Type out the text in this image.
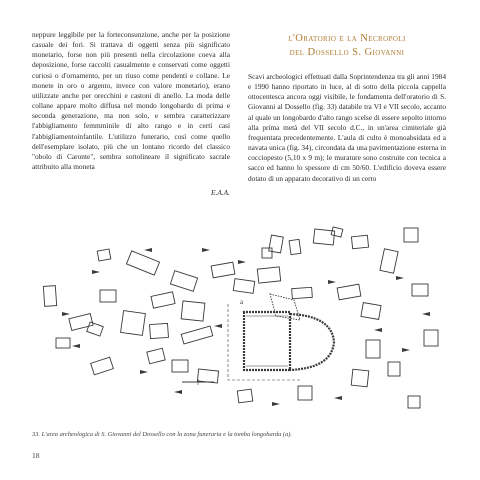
neppure leggibile per la forteconsunzione, anche per la posizione casuale dei fori. Si trattava di oggetti senza più significato monetario, forse non più presenti nella circolazione coeva alla deposizione, forse raccolti casualmente e conservati come oggetti curiosi o d'ornamento, per un riuso come pendenti e collane. Le monete in oro o argento, invece con valore monetario), erano utilizzate anche per orecchini e castoni di anello. La moda delle collane appare molto diffusa nel mondo longobardo di prima e seconda generazione, ma non solo, e sembra caratterizzare l'abbigliamento femmminile di alto rango e in certi casi l'abbigliamentoinfantile. L'utilizzo funerario, così come quello dell'esemplare isolato, più che un lontano ricordo del classico "obolo di Caronte", sembra sottolineare il significato sacrale attribuito alla moneta

E.A.A.
l'Oratorio e la Necropoli
del Dossello S. Giovanni

Scavi archeologici effettuati dalla Soprintendenza tra gli anni 1984 e 1990 hanno riportato in luce, al di sotto della piccola cappella ottocentesca ancora oggi visibile, le fondamenta dell'oratorio di S. Giovanni al Dossello (fig. 33) databile tra VI e VII secolo, accanto al quale un longobardo d'alto rango scelse di essere sepolto intorno alla prima metà del VII secolo d.C., in un'area cimiteriale già frequentata precedentemente. L'aula di culto è monoabsidata ed a navata unica (fig. 34), circondata da una pavimentazione esterna in cocciopesto (5,10 x 9 m); le murature sono costruite con tecnica a sacco ed hanno lo spessore di cm 50/60. L'edificio doveva essere dotato di un apparato decorativo di un certo

a
33. L'area archeologica di S. Giovanni del Dossello con la zona funeraria e la tomba longobarda (a).
18
